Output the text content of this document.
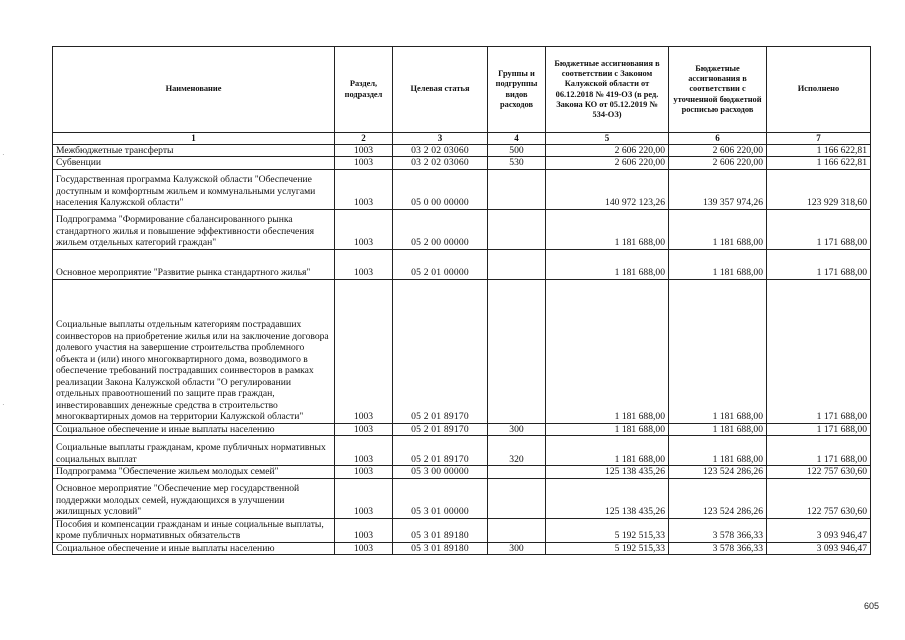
Наименование	Раздел, подраздел	Целевая статья	Группы и подгруппы видов расходов	Бюджетные ассигнования в соответствии с Законом Калужской области от 06.12.2018 № 419-ОЗ (в ред. Закона КО от 05.12.2019 № 534-ОЗ)	Бюджетные ассигнования в соответствии с уточненной бюджетной росписью расходов	Исполнено
1	2	3	4	5	6	7
Межбюджетные трансферты	1003	03 2 02 03060	500	2 606 220,00	2 606 220,00	1 166 622,81
Субвенции	1003	03 2 02 03060	530	2 606 220,00	2 606 220,00	1 166 622,81
Государственная программа Калужской области "Обеспечение доступным и комфортным жильем и коммунальными услугами населения Калужской области"	1003	05 0 00 00000		140 972 123,26	139 357 974,26	123 929 318,60
Подпрограмма "Формирование сбалансированного рынка стандартного жилья и повышение эффективности обеспечения жильем отдельных категорий граждан"	1003	05 2 00 00000		1 181 688,00	1 181 688,00	1 171 688,00
Основное мероприятие "Развитие рынка стандартного жилья"	1003	05 2 01 00000		1 181 688,00	1 181 688,00	1 171 688,00
Социальные выплаты отдельным категориям пострадавших соинвесторов на приобретение жилья или на заключение договора долевого участия на завершение строительства проблемного объекта и (или) иного многоквартирного дома, возводимого в обеспечение требований пострадавших соинвесторов в рамках реализации Закона Калужской области "О регулировании отдельных правоотношений по защите прав граждан, инвестировавших денежные средства в строительство многоквартирных домов на территории Калужской области"	1003	05 2 01 89170		1 181 688,00	1 181 688,00	1 171 688,00
Социальное обеспечение и иные выплаты населению	1003	05 2 01 89170	300	1 181 688,00	1 181 688,00	1 171 688,00
Социальные выплаты гражданам, кроме публичных нормативных социальных выплат	1003	05 2 01 89170	320	1 181 688,00	1 181 688,00	1 171 688,00
Подпрограмма "Обеспечение жильем молодых семей"	1003	05 3 00 00000		125 138 435,26	123 524 286,26	122 757 630,60
Основное мероприятие "Обеспечение мер государственной поддержки молодых семей, нуждающихся в улучшении жилищных условий"	1003	05 3 01 00000		125 138 435,26	123 524 286,26	122 757 630,60
Пособия и компенсации гражданам и иные социальные выплаты, кроме публичных нормативных обязательств	1003	05 3 01 89180		5 192 515,33	3 578 366,33	3 093 946,47
Социальное обеспечение и иные выплаты населению	1003	05 3 01 89180	300	5 192 515,33	3 578 366,33	3 093 946,47
·
·
605
